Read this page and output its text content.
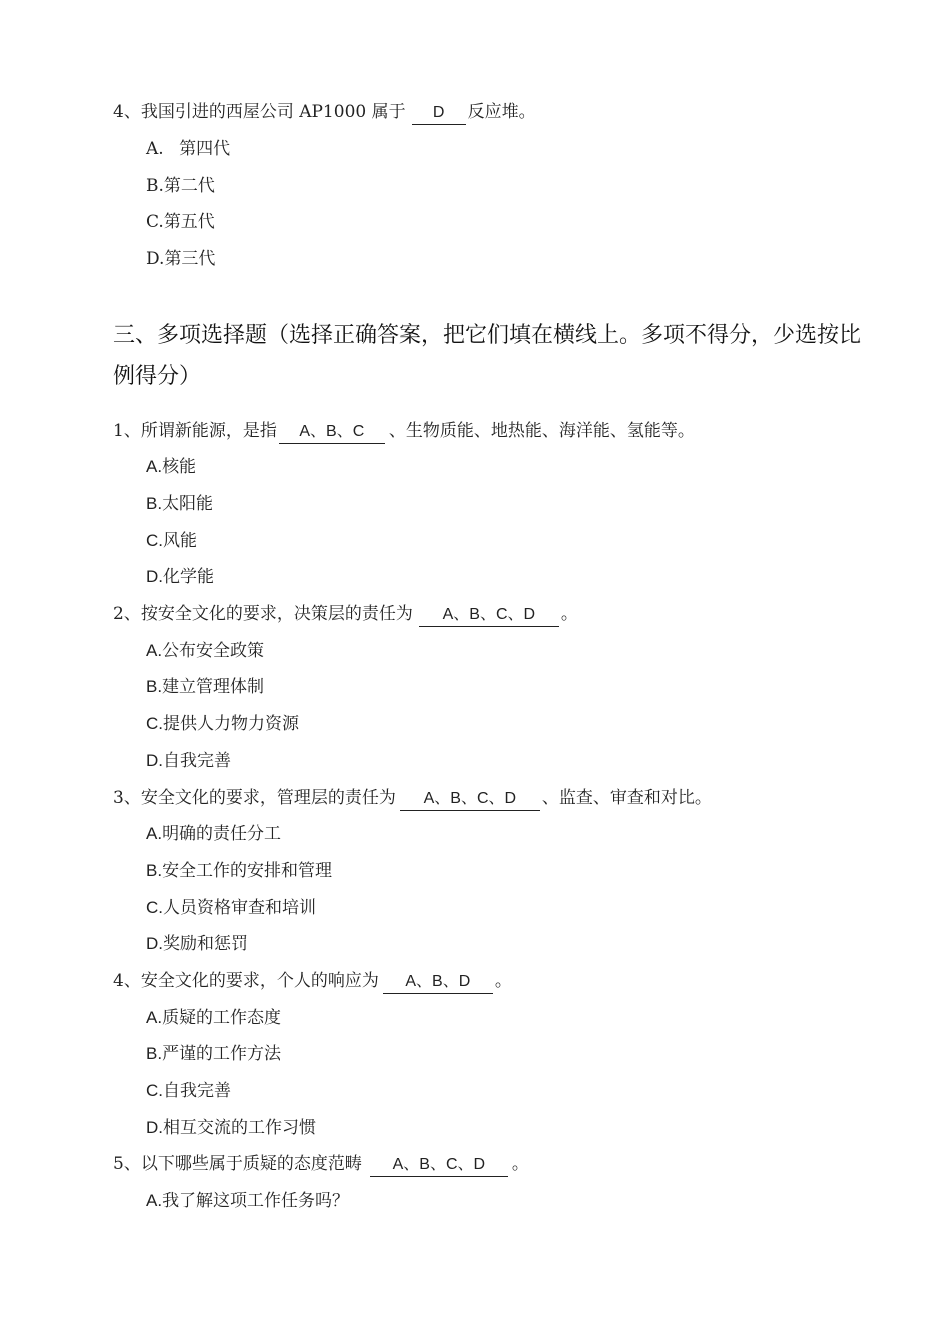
4、我国引进的西屋公司 AP1000 属于 D 反应堆。
A. 第四代
B.第二代
C.第五代
D.第三代
三、多项选择题（选择正确答案，把它们填在横线上。多项不得分，少选按比例得分）
1、所谓新能源，是指 A、B、C 、生物质能、地热能、海洋能、氢能等。
A.核能
B.太阳能
C.风能
D.化学能
2、按安全文化的要求，决策层的责任为 A、B、C、D 。
A.公布安全政策
B.建立管理体制
C.提供人力物力资源
D.自我完善
3、安全文化的要求，管理层的责任为 A、B、C、D 、监查、审查和对比。
A.明确的责任分工
B.安全工作的安排和管理
C.人员资格审查和培训
D.奖励和惩罚
4、安全文化的要求，个人的响应为 A、B、D 。
A.质疑的工作态度
B.严谨的工作方法
C.自我完善
D.相互交流的工作习惯
5、以下哪些属于质疑的态度范畴 A、B、C、D 。
A.我了解这项工作任务吗？
